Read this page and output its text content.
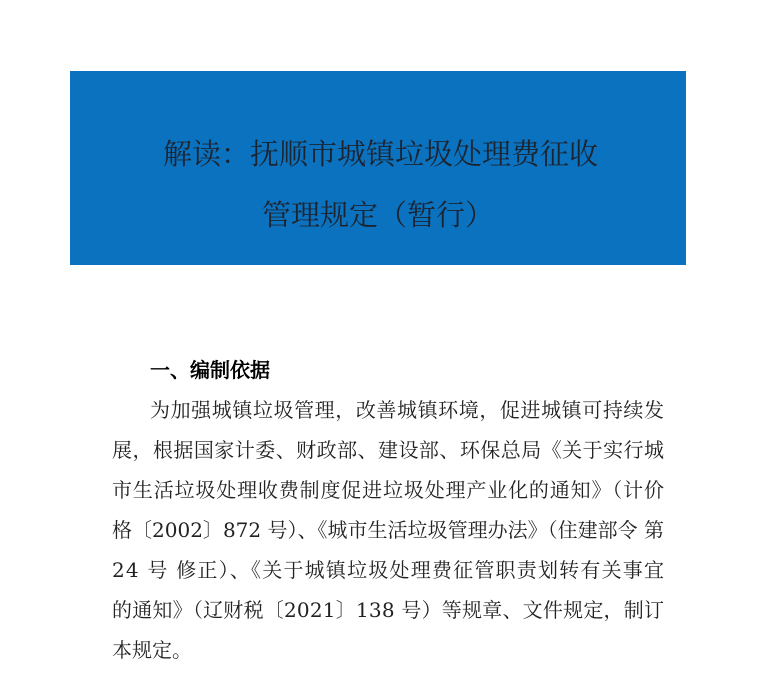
解读：抚顺市城镇垃圾处理费征收
管理规定（暂行）
一、编制依据
为加强城镇垃圾管理，改善城镇环境，促进城镇可持续发
展，根据国家计委、财政部、建设部、环保总局《关于实行城
市生活垃圾处理收费制度促进垃圾处理产业化的通知》（计价
格〔2002〕872 号）、《城市生活垃圾管理办法》（住建部令 第
24 号 修正）、《关于城镇垃圾处理费征管职责划转有关事宜
的通知》（辽财税〔2021〕138 号）等规章、文件规定，制订
本规定。
